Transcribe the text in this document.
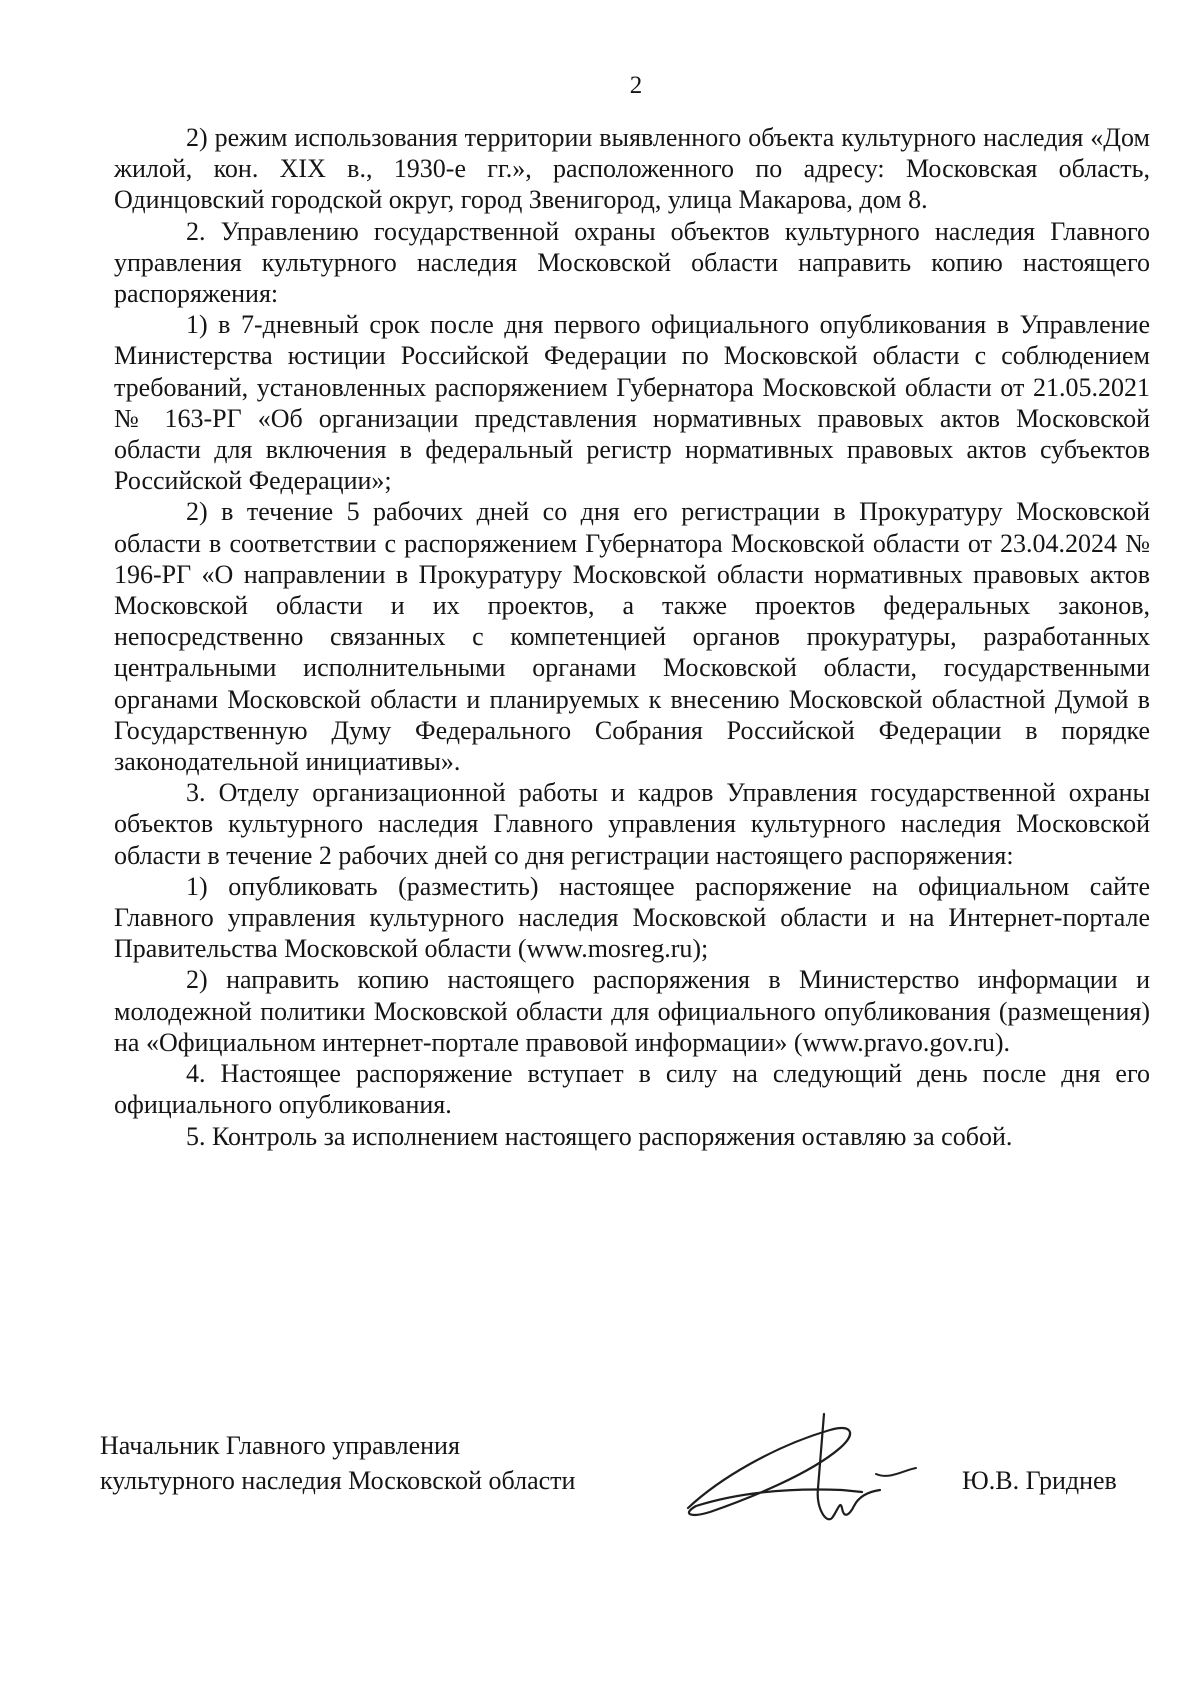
2

2) режим использования территории выявленного объекта культурного наследия «Дом жилой, кон. XIX в., 1930-е гг.», расположенного по адресу: Московская область, Одинцовский городской округ, город Звенигород, улица Макарова, дом 8.

2. Управлению государственной охраны объектов культурного наследия Главного управления культурного наследия Московской области направить копию настоящего распоряжения:

1) в 7-дневный срок после дня первого официального опубликования в Управление Министерства юстиции Российской Федерации по Московской области с соблюдением требований, установленных распоряжением Губернатора Московской области от 21.05.2021 № 163-РГ «Об организации представления нормативных правовых актов Московской области для включения в федеральный регистр нормативных правовых актов субъектов Российской Федерации»;

2) в течение 5 рабочих дней со дня его регистрации в Прокуратуру Московской области в соответствии с распоряжением Губернатора Московской области от 23.04.2024 № 196-РГ «О направлении в Прокуратуру Московской области нормативных правовых актов Московской области и их проектов, а также проектов федеральных законов, непосредственно связанных с компетенцией органов прокуратуры, разработанных центральными исполнительными органами Московской области, государственными органами Московской области и планируемых к внесению Московской областной Думой в Государственную Думу Федерального Собрания Российской Федерации в порядке законодательной инициативы».

3. Отделу организационной работы и кадров Управления государственной охраны объектов культурного наследия Главного управления культурного наследия Московской области в течение 2 рабочих дней со дня регистрации настоящего распоряжения:

1) опубликовать (разместить) настоящее распоряжение на официальном сайте Главного управления культурного наследия Московской области и на Интернет-портале Правительства Московской области (www.mosreg.ru);

2) направить копию настоящего распоряжения в Министерство информации и молодежной политики Московской области для официального опубликования (размещения) на «Официальном интернет-портале правовой информации» (www.pravo.gov.ru).

4. Настоящее распоряжение вступает в силу на следующий день после дня его официального опубликования.

5. Контроль за исполнением настоящего распоряжения оставляю за собой.

Начальник Главного управления
культурного наследия Московской области	Ю.В. Гриднев
